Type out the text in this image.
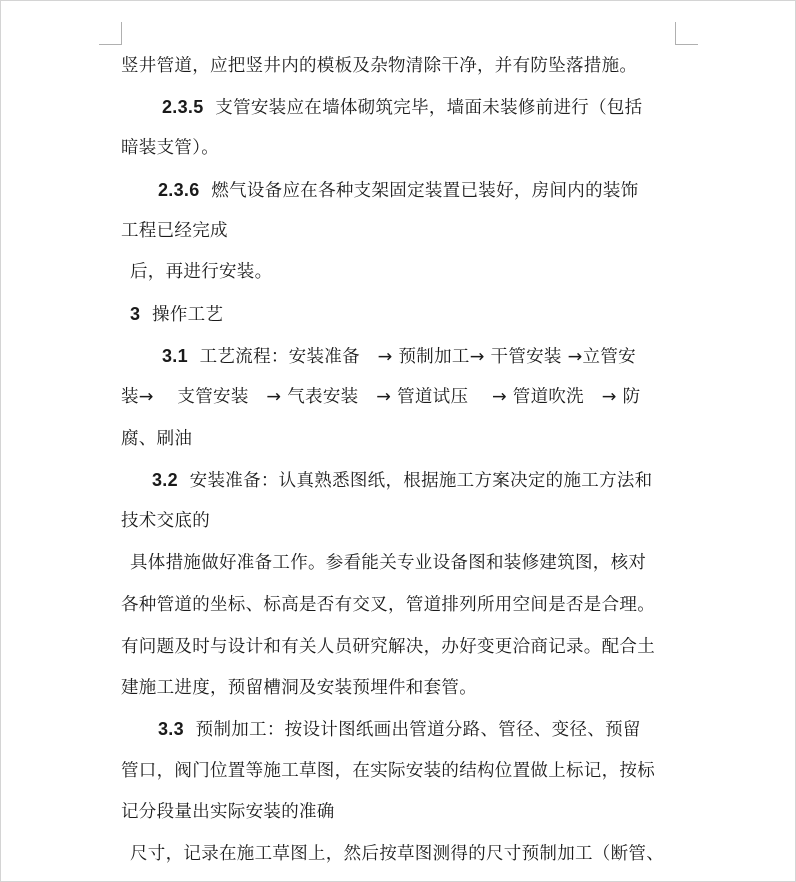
竖井管道，应把竖井内的模板及杂物清除干净，并有防坠落措施。
2.3.5 支管安装应在墙体砌筑完毕，墙面未装修前进行（包括
暗装支管）。
2.3.6 燃气设备应在各种支架固定装置已装好，房间内的装饰
工程已经完成
后，再进行安装。
3 操作工艺
3.1 工艺流程：安装准备　→ 预制加工→ 干管安装 →立管安
装→　 支管安装　→ 气表安装　→ 管道试压　 → 管道吹洗　→ 防
腐、刷油
3.2 安装准备：认真熟悉图纸，根据施工方案决定的施工方法和
技术交底的
具体措施做好准备工作。参看能关专业设备图和装修建筑图，核对
各种管道的坐标、标高是否有交叉，管道排列所用空间是否是合理。
有问题及时与设计和有关人员研究解决，办好变更洽商记录。配合土
建施工进度，预留槽洞及安装预埋件和套管。
3.3 预制加工：按设计图纸画出管道分路、管径、变径、预留
管口，阀门位置等施工草图，在实际安装的结构位置做上标记，按标
记分段量出实际安装的准确
尺寸，记录在施工草图上，然后按草图测得的尺寸预制加工（断管、
